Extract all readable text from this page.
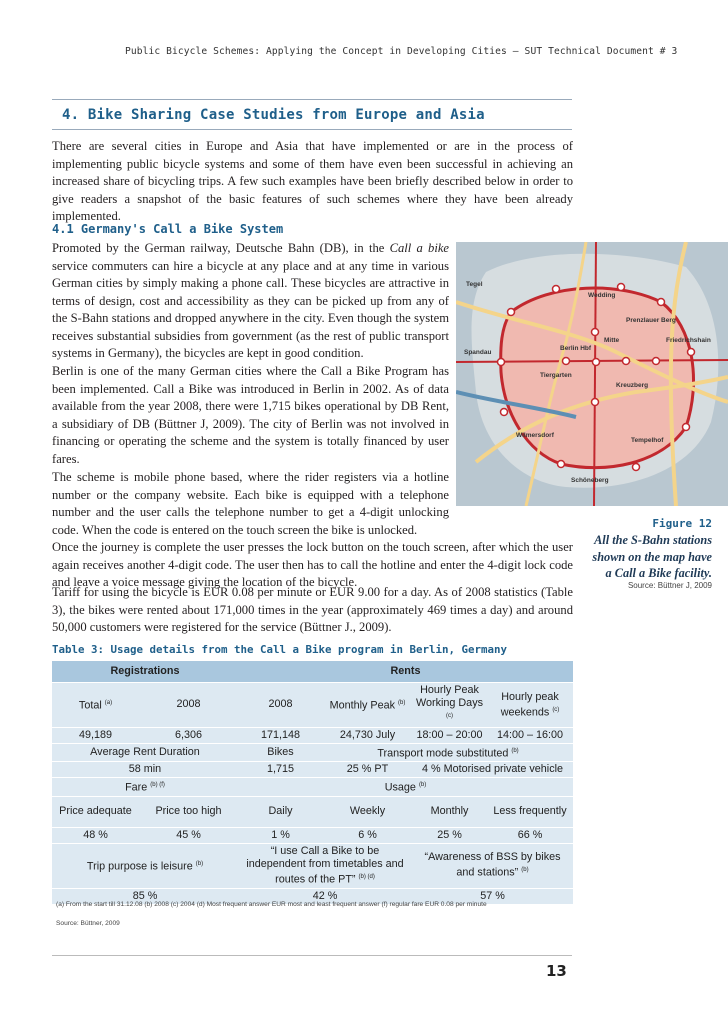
Public Bicycle Schemes: Applying the Concept in Developing Cities – SUT Technical Document # 3
4. Bike Sharing Case Studies from Europe and Asia
There are several cities in Europe and Asia that have implemented or are in the process of implementing public bicycle systems and some of them have even been successful in achieving an increased share of bicycling trips. A few such examples have been briefly described below in order to give readers a snapshot of the basic features of such schemes where they have been already implemented.
4.1 Germany's Call a Bike System
Promoted by the German railway, Deutsche Bahn (DB), in the Call a bike service commuters can hire a bicycle at any place and at any time in various German cities by simply making a phone call. These bicycles are attractive in terms of design, cost and accessibility as they can be picked up from any of the S-Bahn stations and dropped anywhere in the city. Even though the system receives substantial subsidies from government (as the rest of public transport systems in Germany), the bicycles are kept in good condition.
Berlin is one of the many German cities where the Call a Bike Program has been implemented. Call a Bike was introduced in Berlin in 2002. As of data available from the year 2008, there were 1,715 bikes operational by DB Rent, a subsidiary of DB (Büttner J, 2009). The city of Berlin was not involved in financing or operating the scheme and the system is totally financed by user fares.
The scheme is mobile phone based, where the rider registers via a hotline number or the company website. Each bike is equipped with a telephone number and the user calls the telephone number to get a 4-digit unlocking code. When the code is entered on the touch screen the bike is unlocked.
Once the journey is complete the user presses the lock button on the touch screen, after which the user again receives another 4-digit code. The user then has to call the hotline and enter the 4-digit lock code and leave a voice message giving the location of the bicycle.
Tariff for using the bicycle is EUR 0.08 per minute or EUR 9.00 for a day. As of 2008 statistics (Table 3), the bikes were rented about 171,000 times in the year (approximately 469 times a day) and around 50,000 customers were registered for the service (Büttner J., 2009).
Tegel
Wedding
Mitte
Berlin Hbf
Tiergarten
Wilmersdorf
Kreuzberg
Friedrichshain
Tempelhof
Prenzlauer Berg
Spandau
Schöneberg
Figure 12
All the S-Bahn stations shown on the map have a Call a Bike facility.
Source: Büttner J, 2009
Table 3: Usage details from the Call a Bike program in Berlin, Germany
Registrations		Rents			
Total $^{(a)}$	2008	2008	Monthly Peak $^{(b)}$	Hourly Peak Working Days $^{(c)}$	Hourly peak weekends $^{(c)}$
49,189	6,306	171,148	24,730 July	18:00 – 20:00	14:00 – 16:00
Average Rent Duration		Bikes	Transport mode substituted $^{(b)}$
58 min		1,715	25 % PT	4 % Motorised private vehicle	
Fare $^{(b) (f)}$		Usage $^{(b)}$
Price adequate	Price too high	Daily	Weekly	Monthly	Less frequently
48 %	45 %	1 %	6 %	25 %	66 %
Trip purpose is leisure $^{(b)}$		“I use Call a Bike to be independent from timetables and routes of the PT” $^{(b) (d)}$		“Awareness of BSS by bikes and stations” $^{(b)}$
85 %		42 %		57 %	
(a) From the start till 31.12.08 (b) 2008 (c) 2004 (d) Most frequent answer EUR most and least frequent answer (f) regular fare EUR 0.08 per minute
Source: Büttner, 2009
13
